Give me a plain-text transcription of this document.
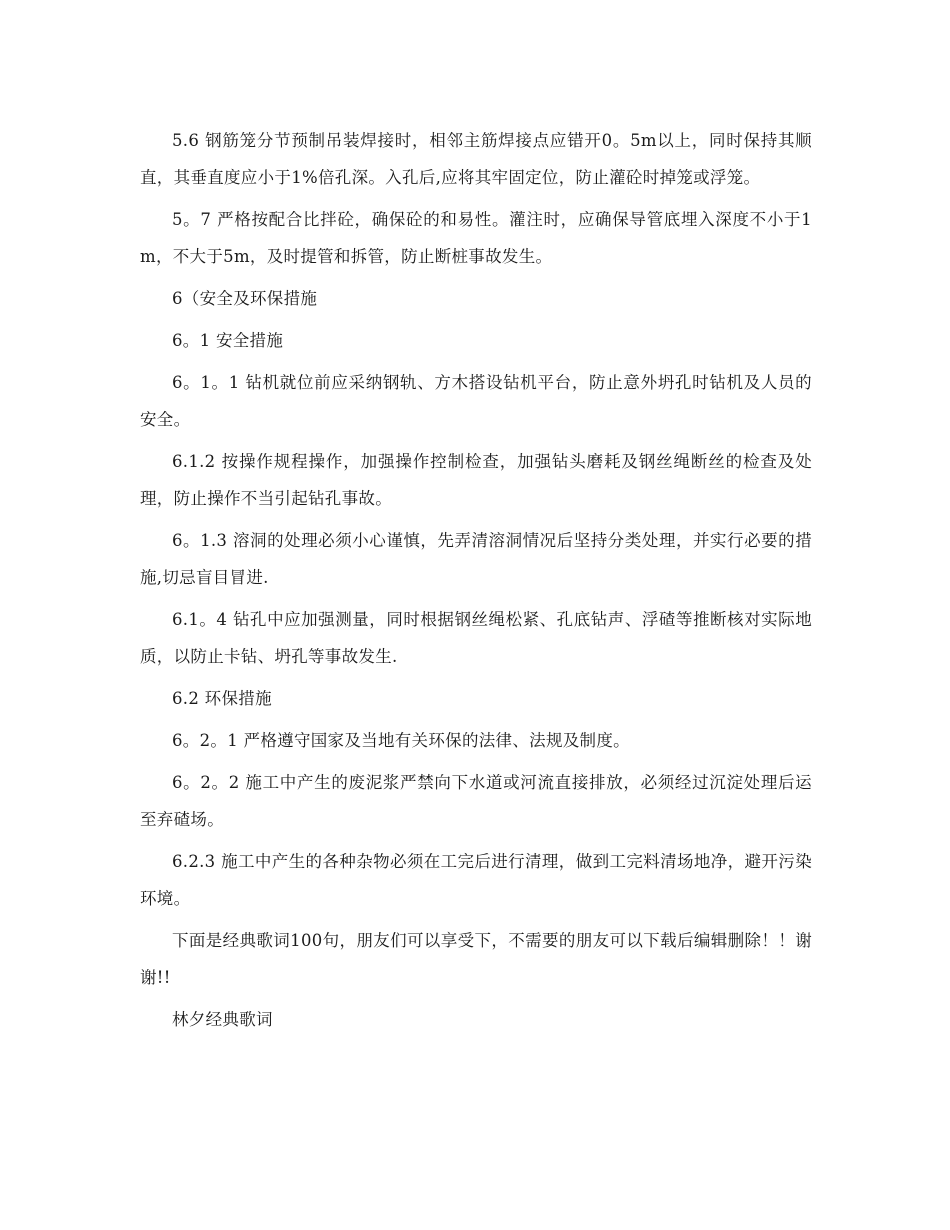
5.6 钢筋笼分节预制吊装焊接时，相邻主筋焊接点应错开0。5m以上，同时保持其顺直，其垂直度应小于1%倍孔深。入孔后,应将其牢固定位，防止灌砼时掉笼或浮笼。

5。7 严格按配合比拌砼，确保砼的和易性。灌注时，应确保导管底埋入深度不小于1m，不大于5m，及时提管和拆管，防止断桩事故发生。

6（安全及环保措施

6。1 安全措施

6。1。1 钻机就位前应采纳钢轨、方木搭设钻机平台，防止意外坍孔时钻机及人员的安全。

6.1.2 按操作规程操作，加强操作控制检查，加强钻头磨耗及钢丝绳断丝的检查及处理，防止操作不当引起钻孔事故。

6。1.3 溶洞的处理必须小心谨慎，先弄清溶洞情况后坚持分类处理，并实行必要的措施,切忌盲目冒进.

6.1。4 钻孔中应加强测量，同时根据钢丝绳松紧、孔底钻声、浮碴等推断核对实际地质，以防止卡钻、坍孔等事故发生.

6.2 环保措施

6。2。1 严格遵守国家及当地有关环保的法律、法规及制度。

6。2。2 施工中产生的废泥浆严禁向下水道或河流直接排放，必须经过沉淀处理后运至弃碴场。

6.2.3 施工中产生的各种杂物必须在工完后进行清理，做到工完料清场地净，避开污染环境。

下面是经典歌词100句，朋友们可以享受下，不需要的朋友可以下载后编辑删除！！谢谢!!

林夕经典歌词
